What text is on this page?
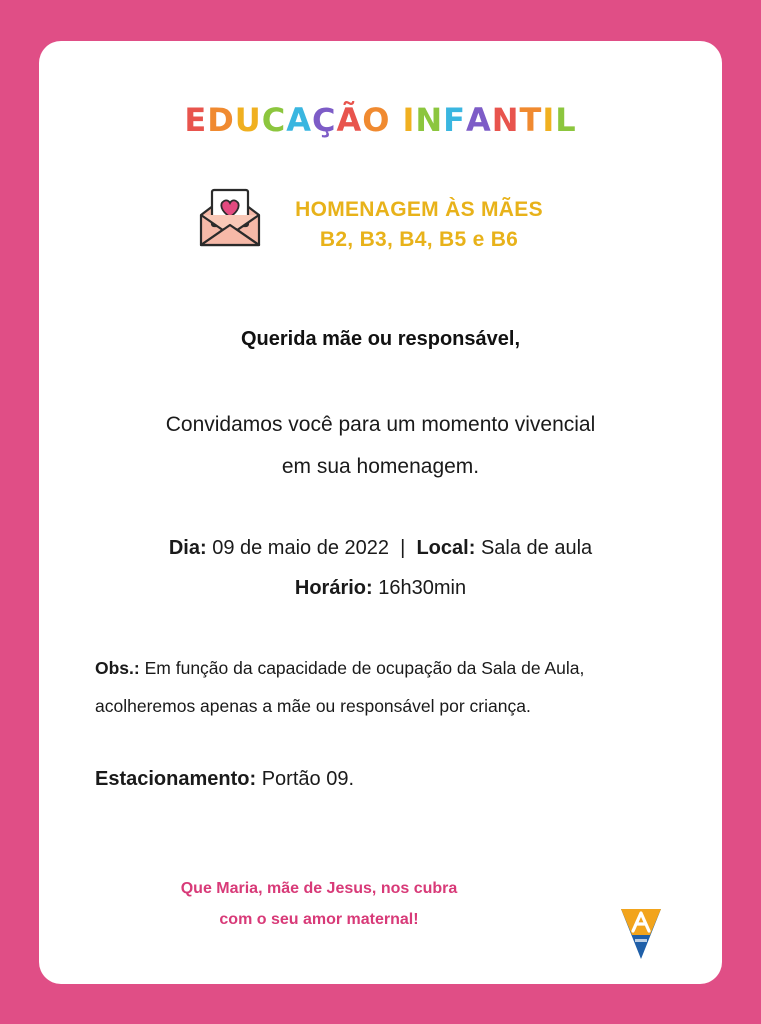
EDUCAÇÃO INFANTIL
HOMENAGEM ÀS MÃES
B2, B3, B4, B5 e B6
Querida mãe ou responsável,
Convidamos você para um momento vivencial
em sua homenagem.
Dia: 09 de maio de 2022 | Local: Sala de aula
Horário: 16h30min
Obs.: Em função da capacidade de ocupação da Sala de Aula,
acolheremos apenas a mãe ou responsável por criança.
Estacionamento: Portão 09.
Que Maria, mãe de Jesus, nos cubra
com o seu amor maternal!
